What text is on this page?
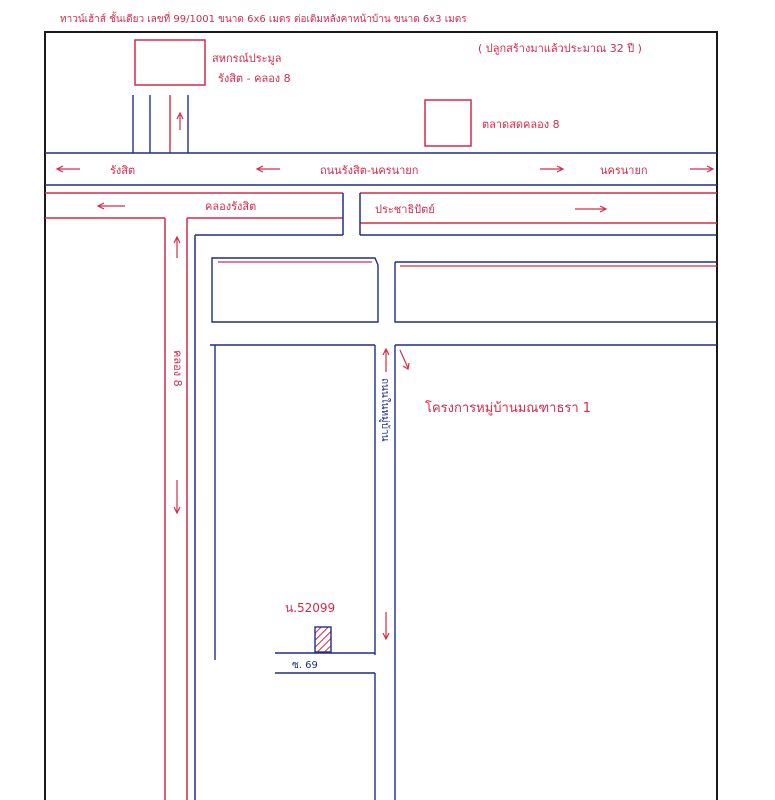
ทาวน์เฮ้าส์ ชั้นเดียว เลขที่ 99/1001 ขนาด 6x6 เมตร ต่อเติมหลังคาหน้าบ้าน ขนาด 6x3 เมตร
( ปลูกสร้างมาแล้วประมาณ 32 ปี )
สหกรณ์ประมูล
รังสิต - คลอง 8
ตลาดสดคลอง 8
รังสิต	ถนนรังสิต-นครนายก	นครนายก
คลองรังสิต	ประชาธิปัตย์
คลอง 8
ถนนในหมู่บ้าน	โครงการหมู่บ้านมณฑาธรา 1
น.52099
ซ. 69
